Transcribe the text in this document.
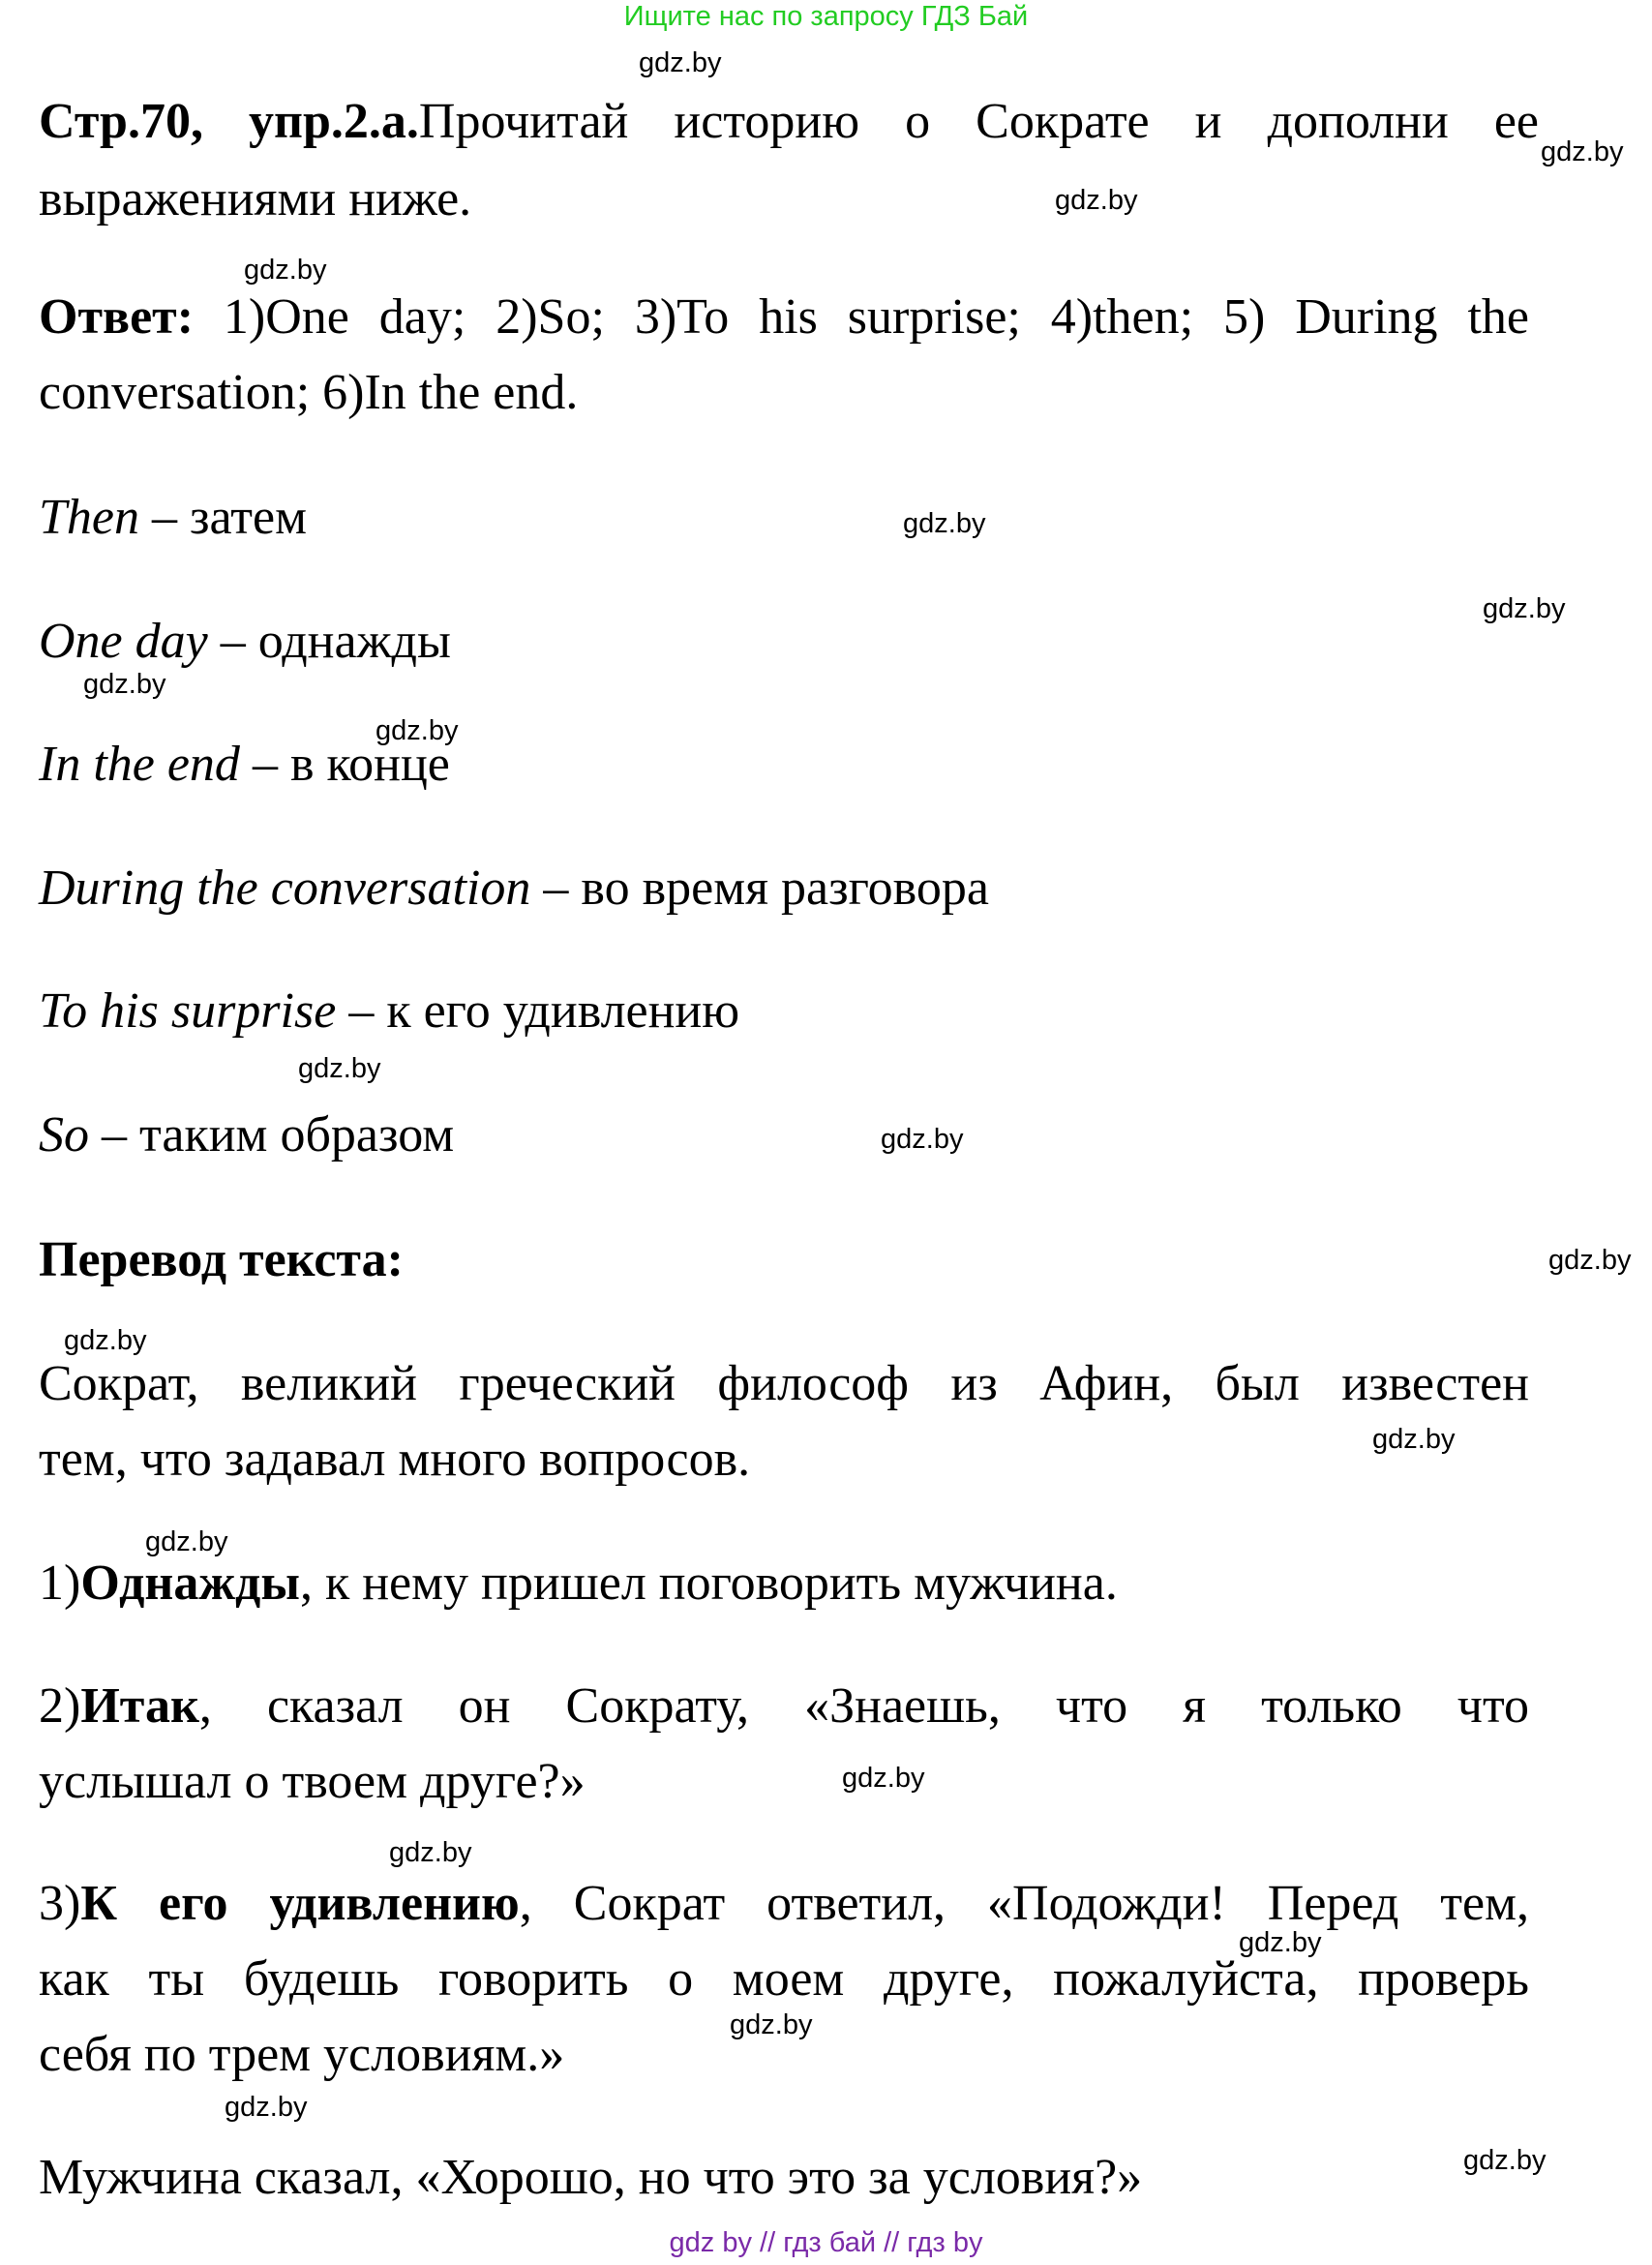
Ищите нас по запросу ГДЗ Бай
gdz.by
gdz.by
gdz.by
gdz.by
gdz.by
gdz.by
gdz.by
gdz.by
gdz.by
gdz.by
gdz.by
gdz.by
gdz.by
gdz.by
gdz.by
gdz.by
gdz.by
gdz.by
gdz.by
gdz.by
Стр.70, упр.2.а.Прочитай историю о Сократе и дополни ее
выражениями ниже.
Ответ: 1)One day; 2)So; 3)To his surprise; 4)then; 5) During the
conversation; 6)In the end.
Then – затем
One day – однажды
In the end – в конце
During the conversation – во время разговора
To his surprise – к его удивлению
So – таким образом
Перевод текста:
Сократ, великий греческий философ из Афин, был известен
тем, что задавал много вопросов.
1)Однажды, к нему пришел поговорить мужчина.
2)Итак, сказал он Сократу, «Знаешь, что я только что
услышал о твоем друге?»
3)К его удивлению, Сократ ответил, «Подожди! Перед тем,
как ты будешь говорить о моем друге, пожалуйста, проверь
себя по трем условиям.»
Мужчина сказал, «Хорошо, но что это за условия?»
gdz by // гдз бай // гдз by
